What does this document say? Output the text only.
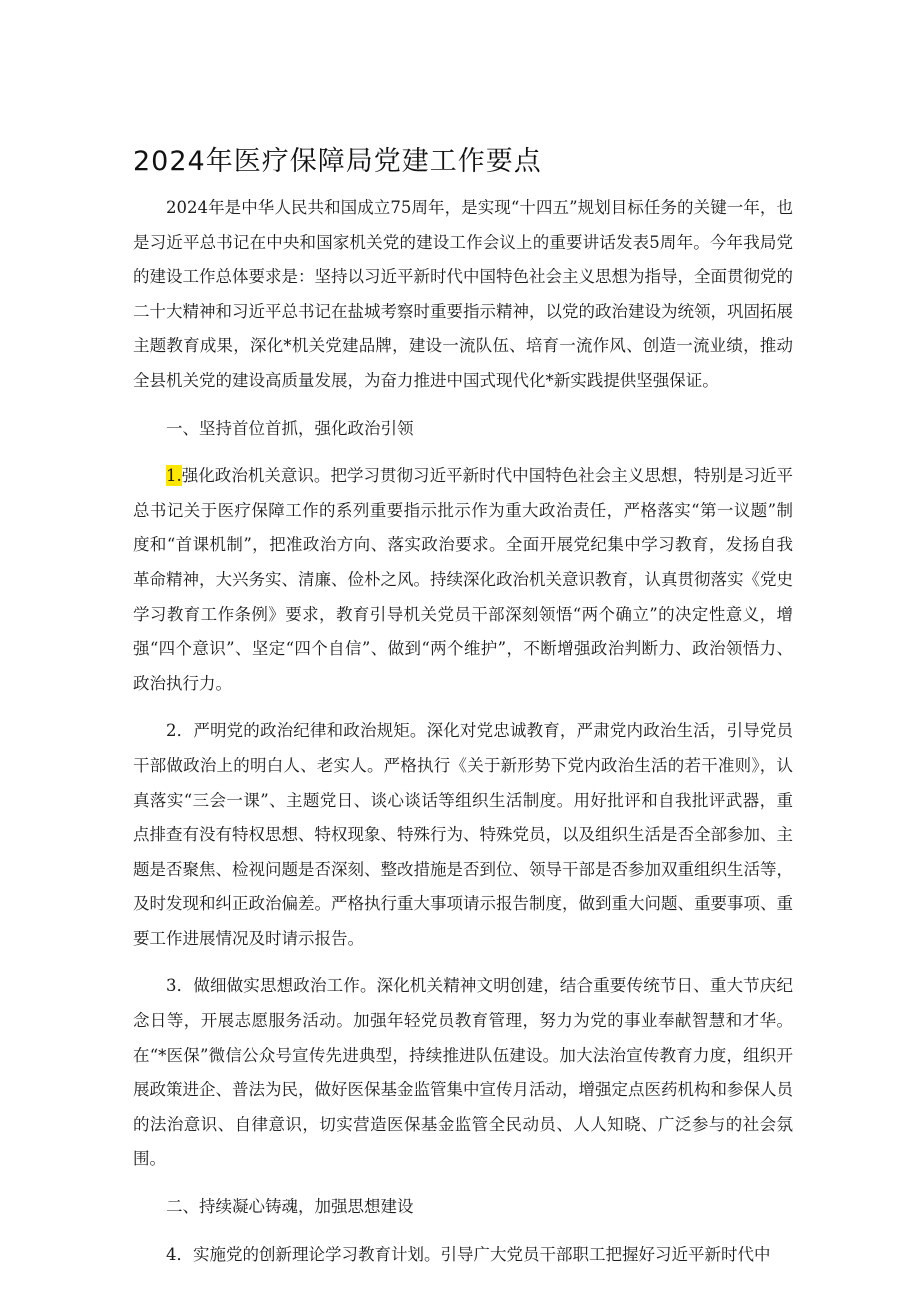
2024年医疗保障局党建工作要点

2024年是中华人民共和国成立75周年，是实现“十四五”规划目标任务的关键一年，也是习近平总书记在中央和国家机关党的建设工作会议上的重要讲话发表5周年。今年我局党的建设工作总体要求是：坚持以习近平新时代中国特色社会主义思想为指导，全面贯彻党的二十大精神和习近平总书记在盐城考察时重要指示精神，以党的政治建设为统领，巩固拓展主题教育成果，深化*机关党建品牌，建设一流队伍、培育一流作风、创造一流业绩，推动全县机关党的建设高质量发展，为奋力推进中国式现代化*新实践提供坚强保证。

一、坚持首位首抓，强化政治引领

1.强化政治机关意识。把学习贯彻习近平新时代中国特色社会主义思想，特别是习近平总书记关于医疗保障工作的系列重要指示批示作为重大政治责任，严格落实“第一议题”制度和“首课机制”，把准政治方向、落实政治要求。全面开展党纪集中学习教育，发扬自我革命精神，大兴务实、清廉、俭朴之风。持续深化政治机关意识教育，认真贯彻落实《党史学习教育工作条例》要求，教育引导机关党员干部深刻领悟“两个确立”的决定性意义，增强“四个意识”、坚定“四个自信”、做到“两个维护”，不断增强政治判断力、政治领悟力、政治执行力。

2．严明党的政治纪律和政治规矩。深化对党忠诚教育，严肃党内政治生活，引导党员干部做政治上的明白人、老实人。严格执行《关于新形势下党内政治生活的若干准则》，认真落实“三会一课”、主题党日、谈心谈话等组织生活制度。用好批评和自我批评武器，重点排查有没有特权思想、特权现象、特殊行为、特殊党员，以及组织生活是否全部参加、主题是否聚焦、检视问题是否深刻、整改措施是否到位、领导干部是否参加双重组织生活等，及时发现和纠正政治偏差。严格执行重大事项请示报告制度，做到重大问题、重要事项、重要工作进展情况及时请示报告。

3．做细做实思想政治工作。深化机关精神文明创建，结合重要传统节日、重大节庆纪念日等，开展志愿服务活动。加强年轻党员教育管理，努力为党的事业奉献智慧和才华。在“*医保”微信公众号宣传先进典型，持续推进队伍建设。加大法治宣传教育力度，组织开展政策进企、普法为民，做好医保基金监管集中宣传月活动，增强定点医药机构和参保人员的法治意识、自律意识，切实营造医保基金监管全民动员、人人知晓、广泛参与的社会氛围。

二、持续凝心铸魂，加强思想建设

4．实施党的创新理论学习教育计划。引导广大党员干部职工把握好习近平新时代中
